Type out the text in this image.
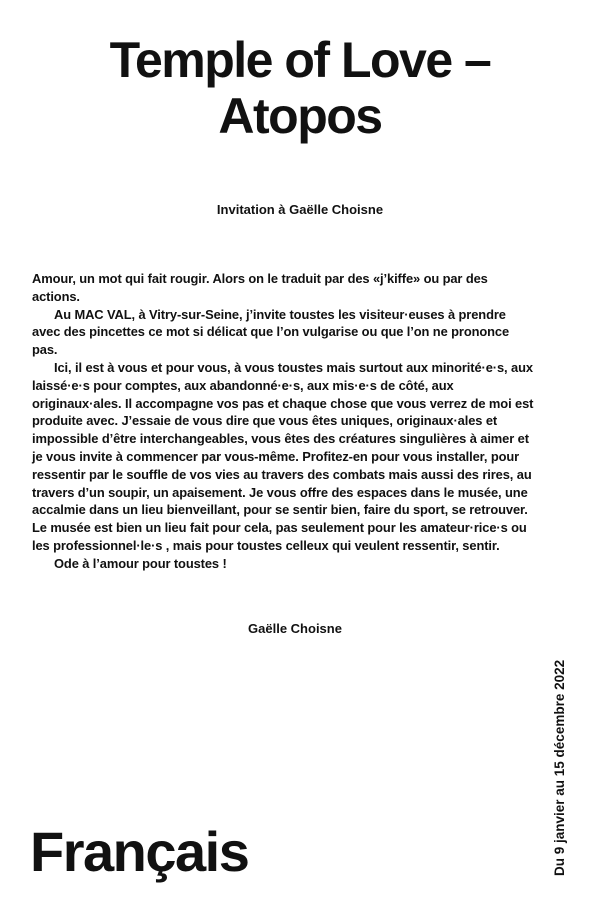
Temple of Love –
Atopos

Invitation à Gaëlle Choisne

Amour, un mot qui fait rougir. Alors on le traduit par des «j’kiffe» ou par des actions.

Au MAC VAL, à Vitry-sur-Seine, j’invite toustes les visiteur·euses à prendre avec des pincettes ce mot si délicat que l’on vulgarise ou que l’on ne prononce pas.

Ici, il est à vous et pour vous, à vous toustes mais surtout aux minorité·e·s, aux laissé·e·s pour comptes, aux abandonné·e·s, aux mis·e·s de côté, aux originaux·ales. Il accompagne vos pas et chaque chose que vous verrez de moi est produite avec. J’essaie de vous dire que vous êtes uniques, originaux·ales et impossible d’être interchangeables, vous êtes des créatures singulières à aimer et je vous invite à commencer par vous-même. Profitez-en pour vous installer, pour ressentir par le souffle de vos vies au travers des combats mais aussi des rires, au travers d’un soupir, un apaisement. Je vous offre des espaces dans le musée, une accalmie dans un lieu bienveillant, pour se sentir bien, faire du sport, se retrouver. Le musée est bien un lieu fait pour cela, pas seulement pour les amateur·rice·s ou les professionnel·le·s , mais pour toustes celleux qui veulent ressentir, sentir.

Ode à l’amour pour toustes !

Gaëlle Choisne

Du 9 janvier au 15 décembre 2022

Français
